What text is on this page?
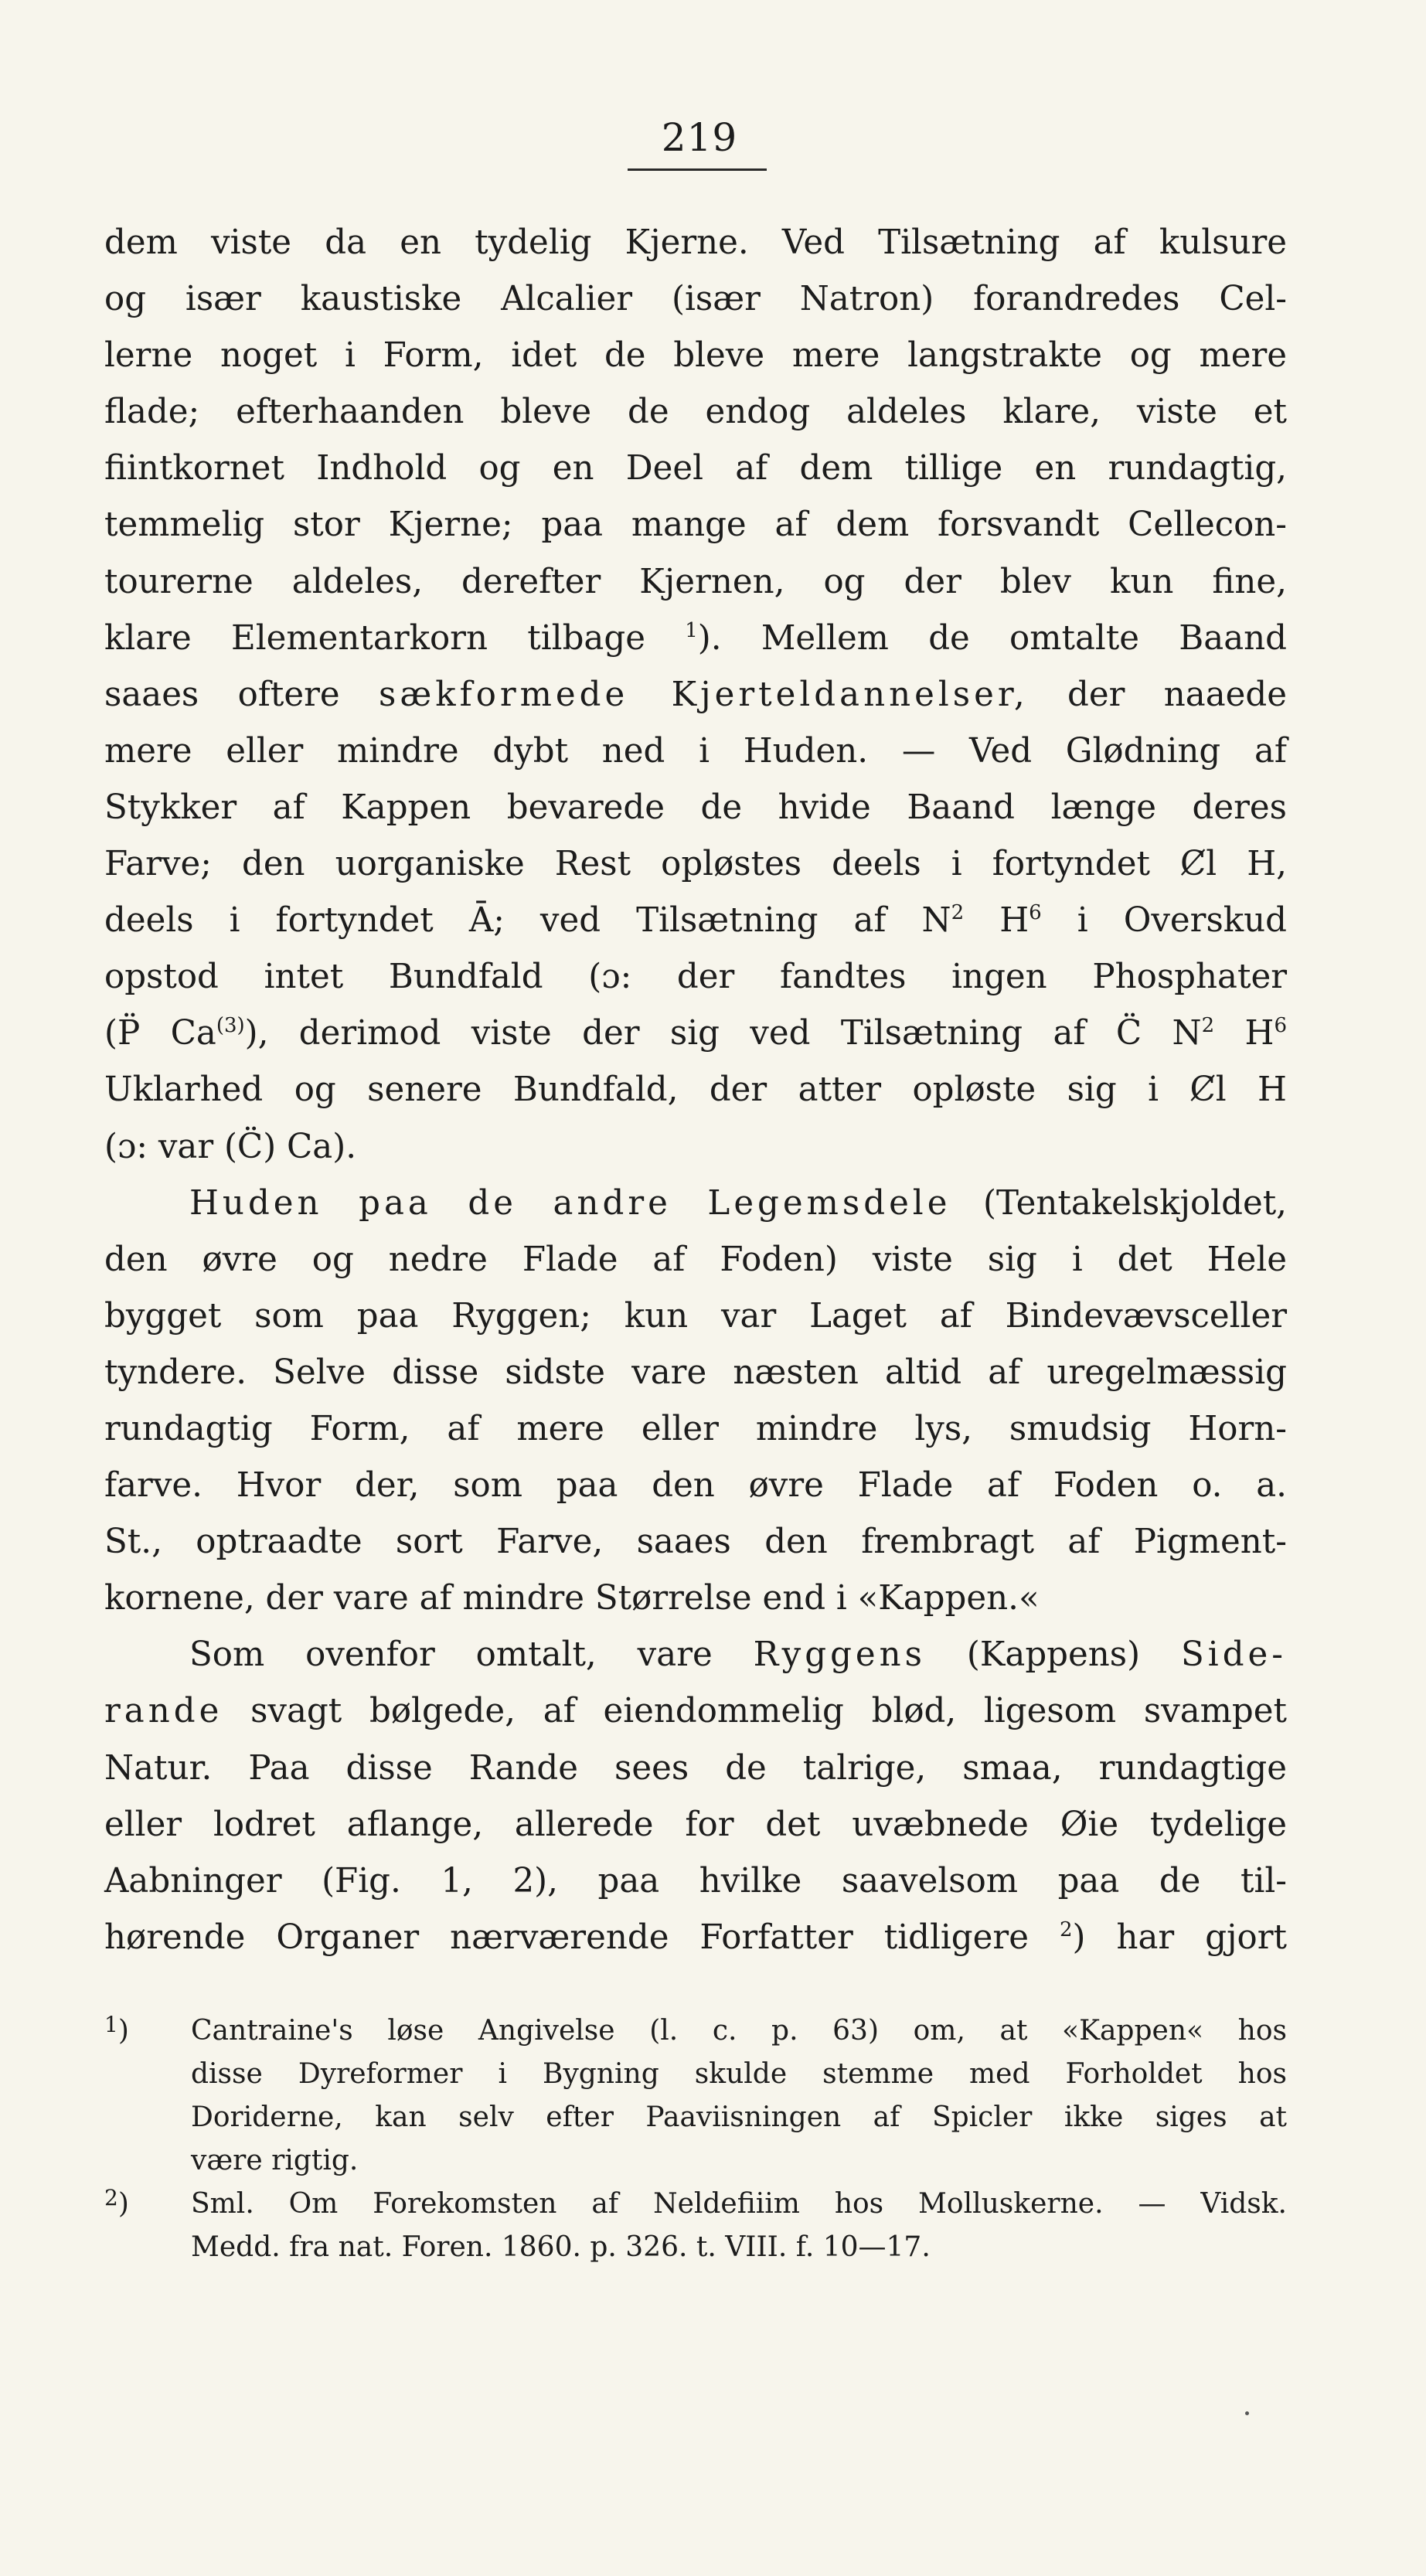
219
dem viste da en tydelig Kjerne. Ved Tilsætning af kulsure
og især kaustiske Alcalier (især Natron) forandredes Cel-
lerne noget i Form, idet de bleve mere langstrakte og mere
flade; efterhaanden bleve de endog aldeles klare, viste et
fiintkornet Indhold og en Deel af dem tillige en rundagtig,
temmelig stor Kjerne; paa mange af dem forsvandt Cellecon-
tourerne aldeles, derefter Kjernen, og der blev kun fine,
klare Elementarkorn tilbage $^1$). Mellem de omtalte Baand
saaes oftere sækformede Kjerteldannelser, der naaede
mere eller mindre dybt ned i Huden. — Ved Glødning af
Stykker af Kappen bevarede de hvide Baand længe deres
Farve; den uorganiske Rest opløstes deels i fortyndet Ȼl H,
deels i fortyndet Ā; ved Tilsætning af $N^2$ $H^6$ i Overskud
opstod intet Bundfald (ɔ: der fandtes ingen Phosphater
(P̈ Ca$^{(3)}$), derimod viste der sig ved Tilsætning af C̈ $N^2$ $H^6$
Uklarhed og senere Bundfald, der atter opløste sig i Ȼl H
(ɔ: var (C̈) Ca).
Huden paa de andre Legemsdele (Tentakelskjoldet,
den øvre og nedre Flade af Foden) viste sig i det Hele
bygget som paa Ryggen; kun var Laget af Bindevævsceller
tyndere. Selve disse sidste vare næsten altid af uregelmæssig
rundagtig Form, af mere eller mindre lys, smudsig Horn-
farve. Hvor der, som paa den øvre Flade af Foden o. a.
St., optraadte sort Farve, saaes den frembragt af Pigment-
kornene, der vare af mindre Størrelse end i «Kappen.«
Som ovenfor omtalt, vare Ryggens (Kappens) Side-
rande svagt bølgede, af eiendommelig blød, ligesom svampet
Natur. Paa disse Rande sees de talrige, smaa, rundagtige
eller lodret aflange, allerede for det uvæbnede Øie tydelige
Aabninger (Fig. 1, 2), paa hvilke saavelsom paa de til-
hørende Organer nærværende Forfatter tidligere $^2$) har gjort
$^1$) Cantraine's løse Angivelse (l. c. p. 63) om, at «Kappen« hos
disse Dyreformer i Bygning skulde stemme med Forholdet hos
Doriderne, kan selv efter Paaviisningen af Spicler ikke siges at
være rigtig.
$^2$) Sml. Om Forekomsten af Neldefiiim hos Molluskerne. — Vidsk.
Medd. fra nat. Foren. 1860. p. 326. t. VIII. f. 10—17.
